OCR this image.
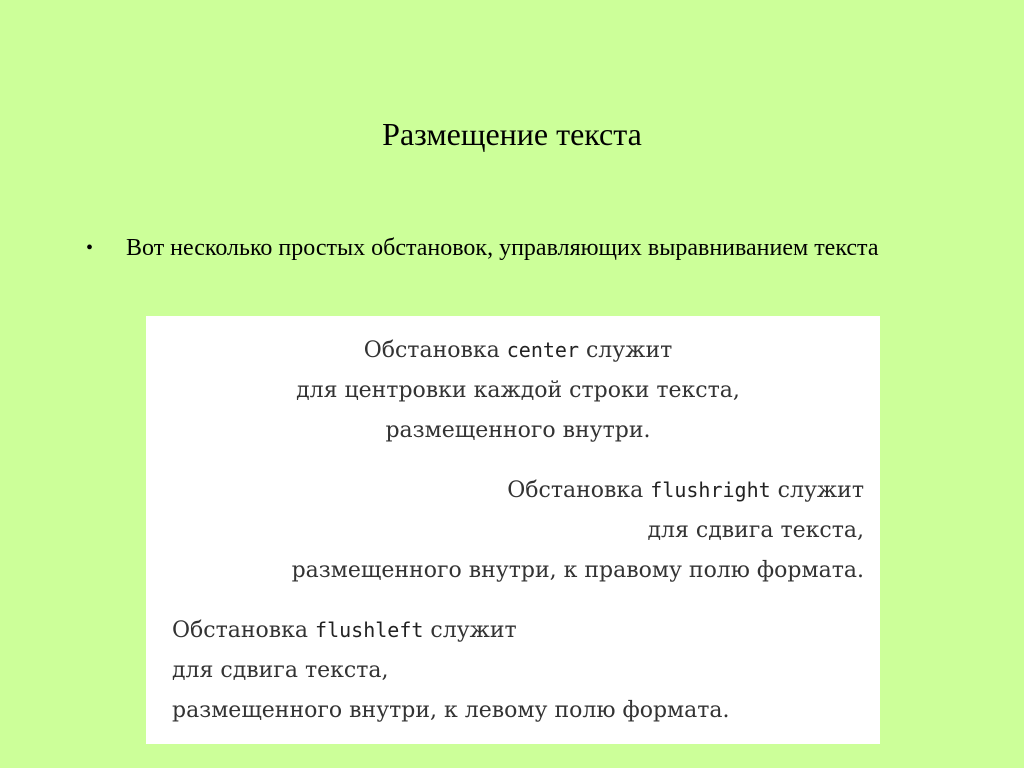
Размещение текста
•	Вот несколько простых обстановок, управляющих выравниванием текста
Обстановка center служит
для центровки каждой строки текста,
размещенного внутри.
Обстановка flushright служит
для сдвига текста,
размещенного внутри, к правому полю формата.
Обстановка flushleft служит
для сдвига текста,
размещенного внутри, к левому полю формата.
